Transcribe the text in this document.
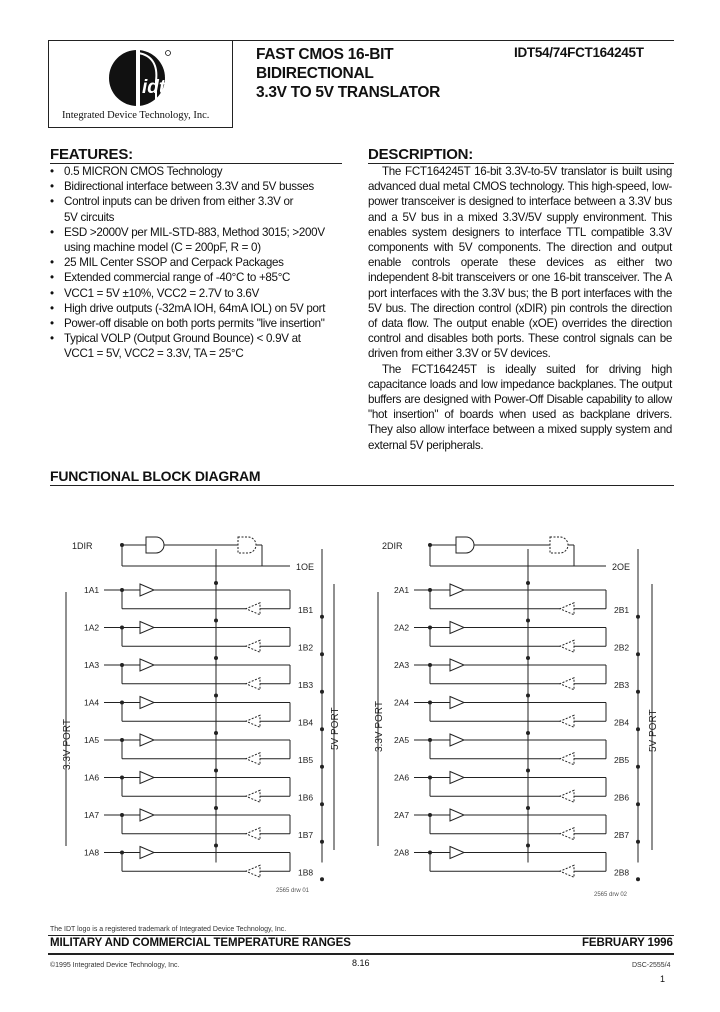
idt
Integrated Device Technology, Inc.
FAST CMOS 16-BIT
BIDIRECTIONAL
3.3V TO 5V TRANSLATOR
IDT54/74FCT164245T
FEATURES:
• 0.5 MICRON CMOS Technology
• Bidirectional interface between 3.3V and 5V busses
• Control inputs can be driven from either 3.3V or 5V circuits
• ESD >2000V per MIL-STD-883, Method 3015; >200V using machine model (C = 200pF, R = 0)
• 25 MIL Center SSOP and Cerpack Packages
• Extended commercial range of -40°C to +85°C
• VCC1 = 5V ±10%, VCC2 = 2.7V to 3.6V
• High drive outputs (-32mA IOH, 64mA IOL) on 5V port
• Power-off disable on both ports permits "live insertion"
• Typical VOLP (Output Ground Bounce) < 0.9V at VCC1 = 5V, VCC2 = 3.3V, TA = 25°C
DESCRIPTION:
The FCT164245T 16-bit 3.3V-to-5V translator is built using advanced dual metal CMOS technology. This high-speed, low-power transceiver is designed to interface between a 3.3V bus and a 5V bus in a mixed 3.3V/5V supply environment. This enables system designers to interface TTL compatible 3.3V components with 5V components. The direction and output enable controls operate these devices as either two independent 8-bit transceivers or one 16-bit transceiver. The A port interfaces with the 3.3V bus; the B port interfaces with the 5V bus. The direction control (xDIR) pin controls the direction of data flow. The output enable (xOE) overrides the direction control and disables both ports. These control signals can be driven from either 3.3V or 5V devices.
The FCT164245T is ideally suited for driving high capacitance loads and low impedance backplanes. The output buffers are designed with Power-Off Disable capability to allow "hot insertion" of boards when used as backplane drivers. They also allow interface between a mixed supply system and external 5V peripherals.
FUNCTIONAL BLOCK DIAGRAM
1DIR
1OE
1A1
1B1
1A2
1B2
1A3
1B3
1A4
1B4
1A5
1B5
1A6
1B6
1A7
1B7
1A8
1B8
3.3V PORT	5V PORT
2565 drw 01
2DIR
2OE
2A1
2B1
2A2
2B2
2A3
2B3
2A4
2B4
2A5
2B5
2A6
2B6
2A7
2B7
2A8
2B8
3.3V PORT	5V PORT
2565 drw 02
The IDT logo is a registered trademark of Integrated Device Technology, Inc.
MILITARY AND COMMERCIAL TEMPERATURE RANGES	FEBRUARY 1996
©1995 Integrated Device Technology, Inc.	8.16	DSC-2555/4
1
